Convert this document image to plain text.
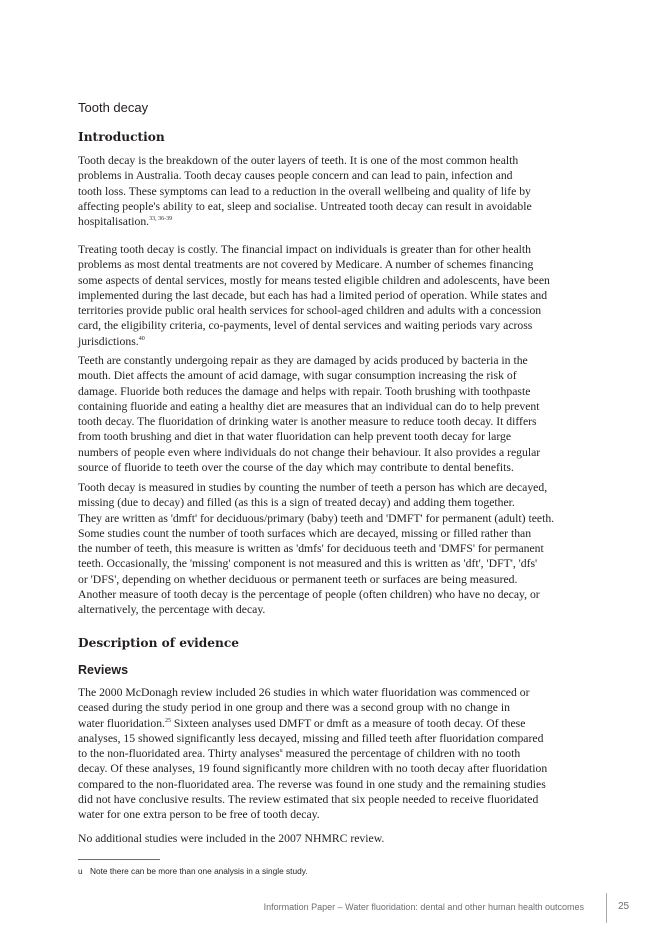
Tooth decay
Introduction

Tooth decay is the breakdown of the outer layers of teeth. It is one of the most common health
problems in Australia. Tooth decay causes people concern and can lead to pain, infection and
tooth loss. These symptoms can lead to a reduction in the overall wellbeing and quality of life by
affecting people's ability to eat, sleep and socialise. Untreated tooth decay can result in avoidable
hospitalisation.$^{33, 36-39}$

Treating tooth decay is costly. The financial impact on individuals is greater than for other health
problems as most dental treatments are not covered by Medicare. A number of schemes financing
some aspects of dental services, mostly for means tested eligible children and adolescents, have been
implemented during the last decade, but each has had a limited period of operation. While states and
territories provide public oral health services for school-aged children and adults with a concession
card, the eligibility criteria, co-payments, level of dental services and waiting periods vary across
jurisdictions.$^{40}$

Teeth are constantly undergoing repair as they are damaged by acids produced by bacteria in the
mouth. Diet affects the amount of acid damage, with sugar consumption increasing the risk of
damage. Fluoride both reduces the damage and helps with repair. Tooth brushing with toothpaste
containing fluoride and eating a healthy diet are measures that an individual can do to help prevent
tooth decay. The fluoridation of drinking water is another measure to reduce tooth decay. It differs
from tooth brushing and diet in that water fluoridation can help prevent tooth decay for large
numbers of people even where individuals do not change their behaviour. It also provides a regular
source of fluoride to teeth over the course of the day which may contribute to dental benefits.

Tooth decay is measured in studies by counting the number of teeth a person has which are decayed,
missing (due to decay) and filled (as this is a sign of treated decay) and adding them together.
They are written as 'dmft' for deciduous/primary (baby) teeth and 'DMFT' for permanent (adult) teeth.
Some studies count the number of tooth surfaces which are decayed, missing or filled rather than
the number of teeth, this measure is written as 'dmfs' for deciduous teeth and 'DMFS' for permanent
teeth. Occasionally, the 'missing' component is not measured and this is written as 'dft', 'DFT', 'dfs'
or 'DFS', depending on whether deciduous or permanent teeth or surfaces are being measured.
Another measure of tooth decay is the percentage of people (often children) who have no decay, or
alternatively, the percentage with decay.

Description of evidence
Reviews

The 2000 McDonagh review included 26 studies in which water fluoridation was commenced or
ceased during the study period in one group and there was a second group with no change in
water fluoridation.$^{25}$ Sixteen analyses used DMFT or dmft as a measure of tooth decay. Of these
analyses, 15 showed significantly less decayed, missing and filled teeth after fluoridation compared
to the non-fluoridated area. Thirty analyses$^u$ measured the percentage of children with no tooth
decay. Of these analyses, 19 found significantly more children with no tooth decay after fluoridation
compared to the non-fluoridated area. The reverse was found in one study and the remaining studies
did not have conclusive results. The review estimated that six people needed to receive fluoridated
water for one extra person to be free of tooth decay.

No additional studies were included in the 2007 NHMRC review.

u Note there can be more than one analysis in a single study.

Information Paper – Water fluoridation: dental and other human health outcomes	25
